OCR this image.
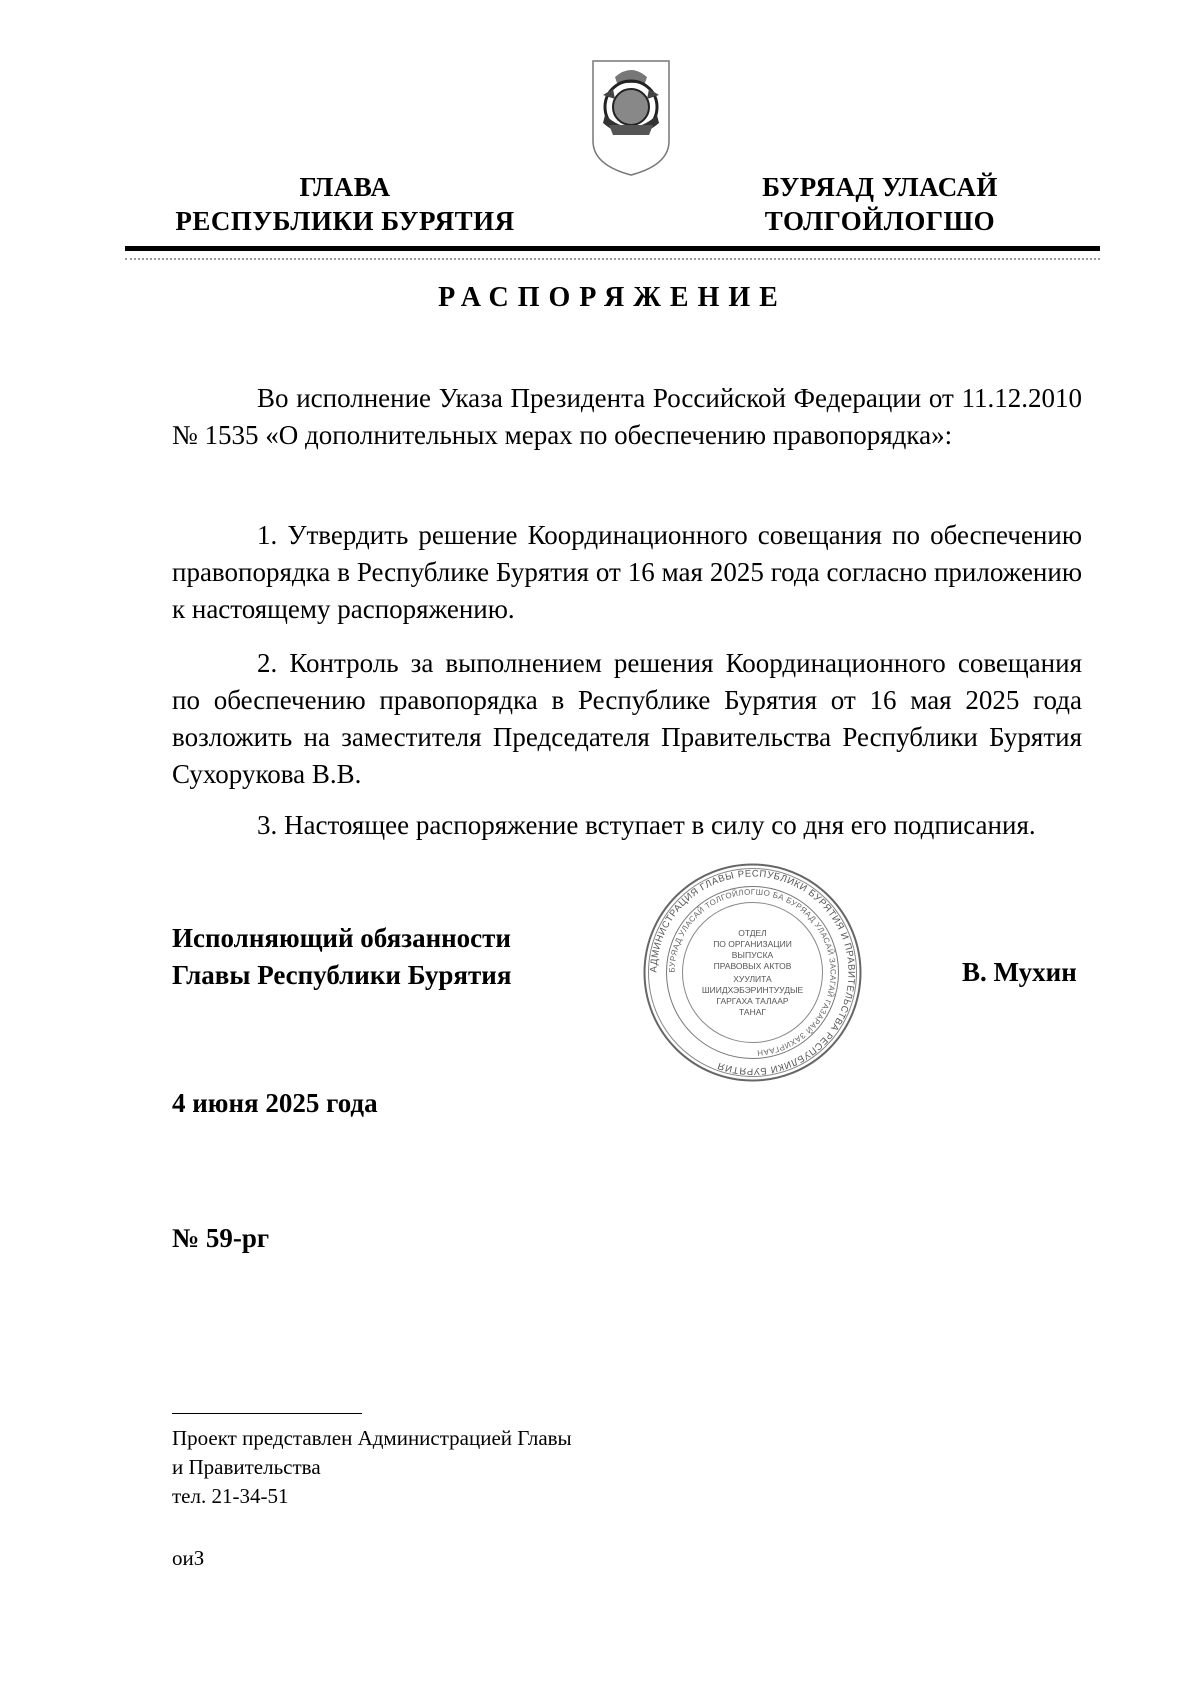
ГЛАВА
РЕСПУБЛИКИ БУРЯТИЯ
БУРЯАД УЛАСАЙ
ТОЛГОЙЛОГШО
РАСПОРЯЖЕНИЕ
Во исполнение Указа Президента Российской Федерации от 11.12.2010 № 1535 «О дополнительных мерах по обеспечению правопорядка»:
1. Утвердить решение Координационного совещания по обеспечению правопорядка в Республике Бурятия от 16 мая 2025 года согласно приложению к настоящему распоряжению.
2. Контроль за выполнением решения Координационного совещания по обеспечению правопорядка в Республике Бурятия от 16 мая 2025 года возложить на заместителя Председателя Правительства Республики Бурятия Сухорукова В.В.
3. Настоящее распоряжение вступает в силу со дня его подписания.
Исполняющий обязанности
Главы Республики Бурятия	АДМИНИСТРАЦИЯ ГЛАВЫ РЕСПУБЛИКИ БУРЯТИЯ И ПРАВИТЕЛЬСТВА РЕСПУБЛИКИ БУРЯТИЯ
БУРЯАД УЛАСАЙ ТОЛГОЙЛОГШО БА БУРЯАД УЛАСАЙ ЗАСАГАЙ ГАЗАРАЙ ЗАХИРГААН
ОТДЕЛ
ПО ОРГАНИЗАЦИИ
ВЫПУСКА
ПРАВОВЫХ АКТОВ
ХУУЛИТА
ШИИДХЭБЭРИНТУУДЫЕ
ГАРГАХА ТАЛААР
ТАНАГ
В. Мухин
4 июня 2025 года
№ 59-рг
Проект представлен Администрацией Главы
и Правительства
тел. 21-34-51
оиЗ
